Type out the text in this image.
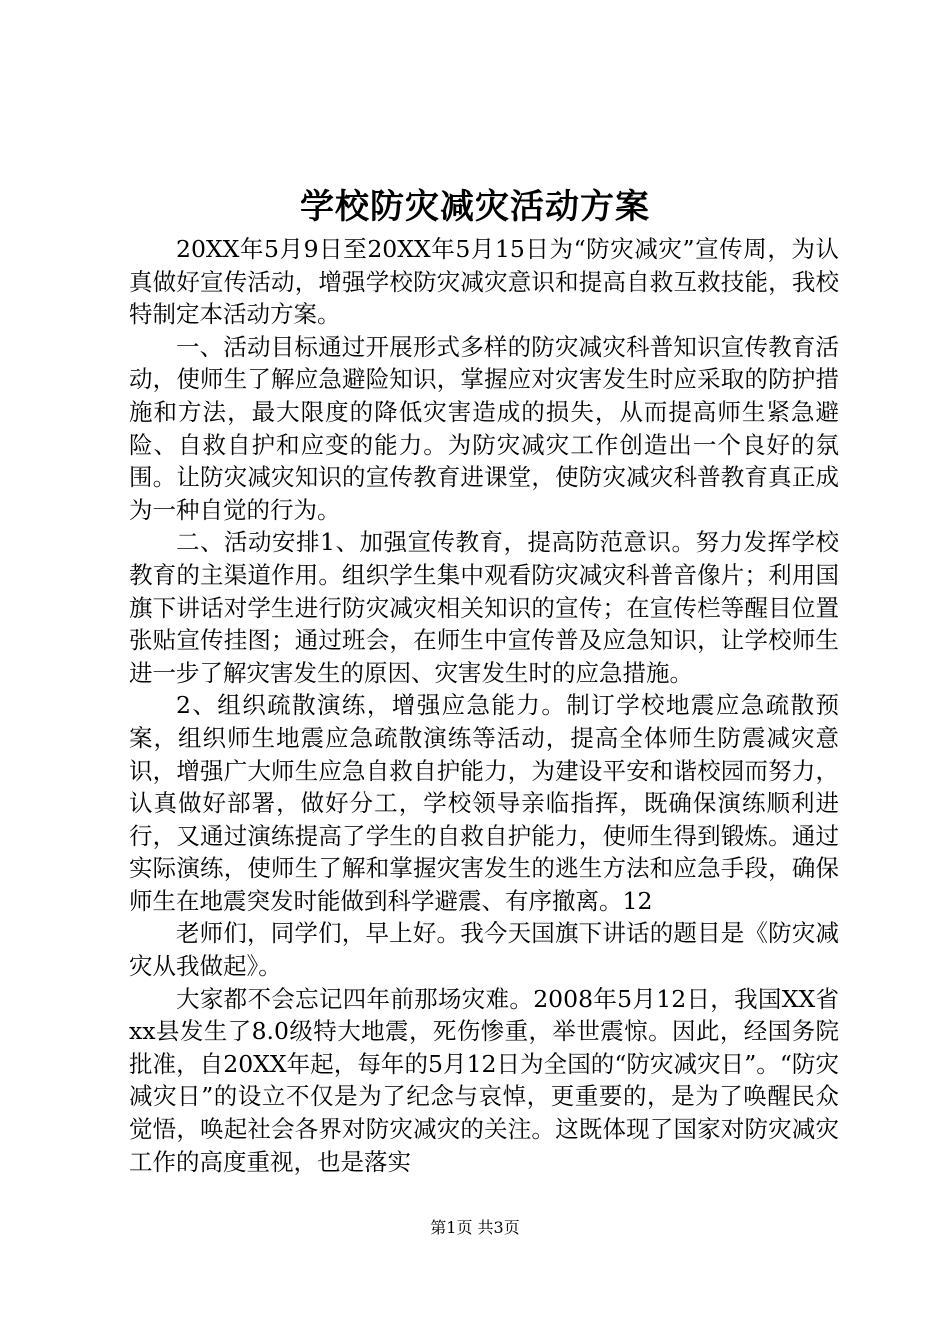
学校防灾减灾活动方案

20XX年5月9日至20XX年5月15日为“防灾减灾”宣传周，为认真做好宣传活动，增强学校防灾减灾意识和提高自救互救技能，我校特制定本活动方案。

一、活动目标通过开展形式多样的防灾减灾科普知识宣传教育活动，使师生了解应急避险知识，掌握应对灾害发生时应采取的防护措施和方法，最大限度的降低灾害造成的损失，从而提高师生紧急避险、自救自护和应变的能力。为防灾减灾工作创造出一个良好的氛围。让防灾减灾知识的宣传教育进课堂，使防灾减灾科普教育真正成为一种自觉的行为。

二、活动安排1、加强宣传教育，提高防范意识。努力发挥学校教育的主渠道作用。组织学生集中观看防灾减灾科普音像片；利用国旗下讲话对学生进行防灾减灾相关知识的宣传；在宣传栏等醒目位置张贴宣传挂图；通过班会，在师生中宣传普及应急知识，让学校师生进一步了解灾害发生的原因、灾害发生时的应急措施。

2、组织疏散演练，增强应急能力。制订学校地震应急疏散预案，组织师生地震应急疏散演练等活动，提高全体师生防震减灾意识，增强广大师生应急自救自护能力，为建设平安和谐校园而努力，认真做好部署，做好分工，学校领导亲临指挥，既确保演练顺利进行，又通过演练提高了学生的自救自护能力，使师生得到锻炼。通过实际演练，使师生了解和掌握灾害发生的逃生方法和应急手段，确保师生在地震突发时能做到科学避震、有序撤离。12

老师们，同学们，早上好。我今天国旗下讲话的题目是《防灾减灾从我做起》。

大家都不会忘记四年前那场灾难。2008年5月12日，我国XX省xx县发生了8.0级特大地震，死伤惨重，举世震惊。因此，经国务院批准，自20XX年起，每年的5月12日为全国的“防灾减灾日”。“防灾减灾日”的设立不仅是为了纪念与哀悼，更重要的，是为了唤醒民众觉悟，唤起社会各界对防灾减灾的关注。这既体现了国家对防灾减灾工作的高度重视，也是落实

第1页 共3页
